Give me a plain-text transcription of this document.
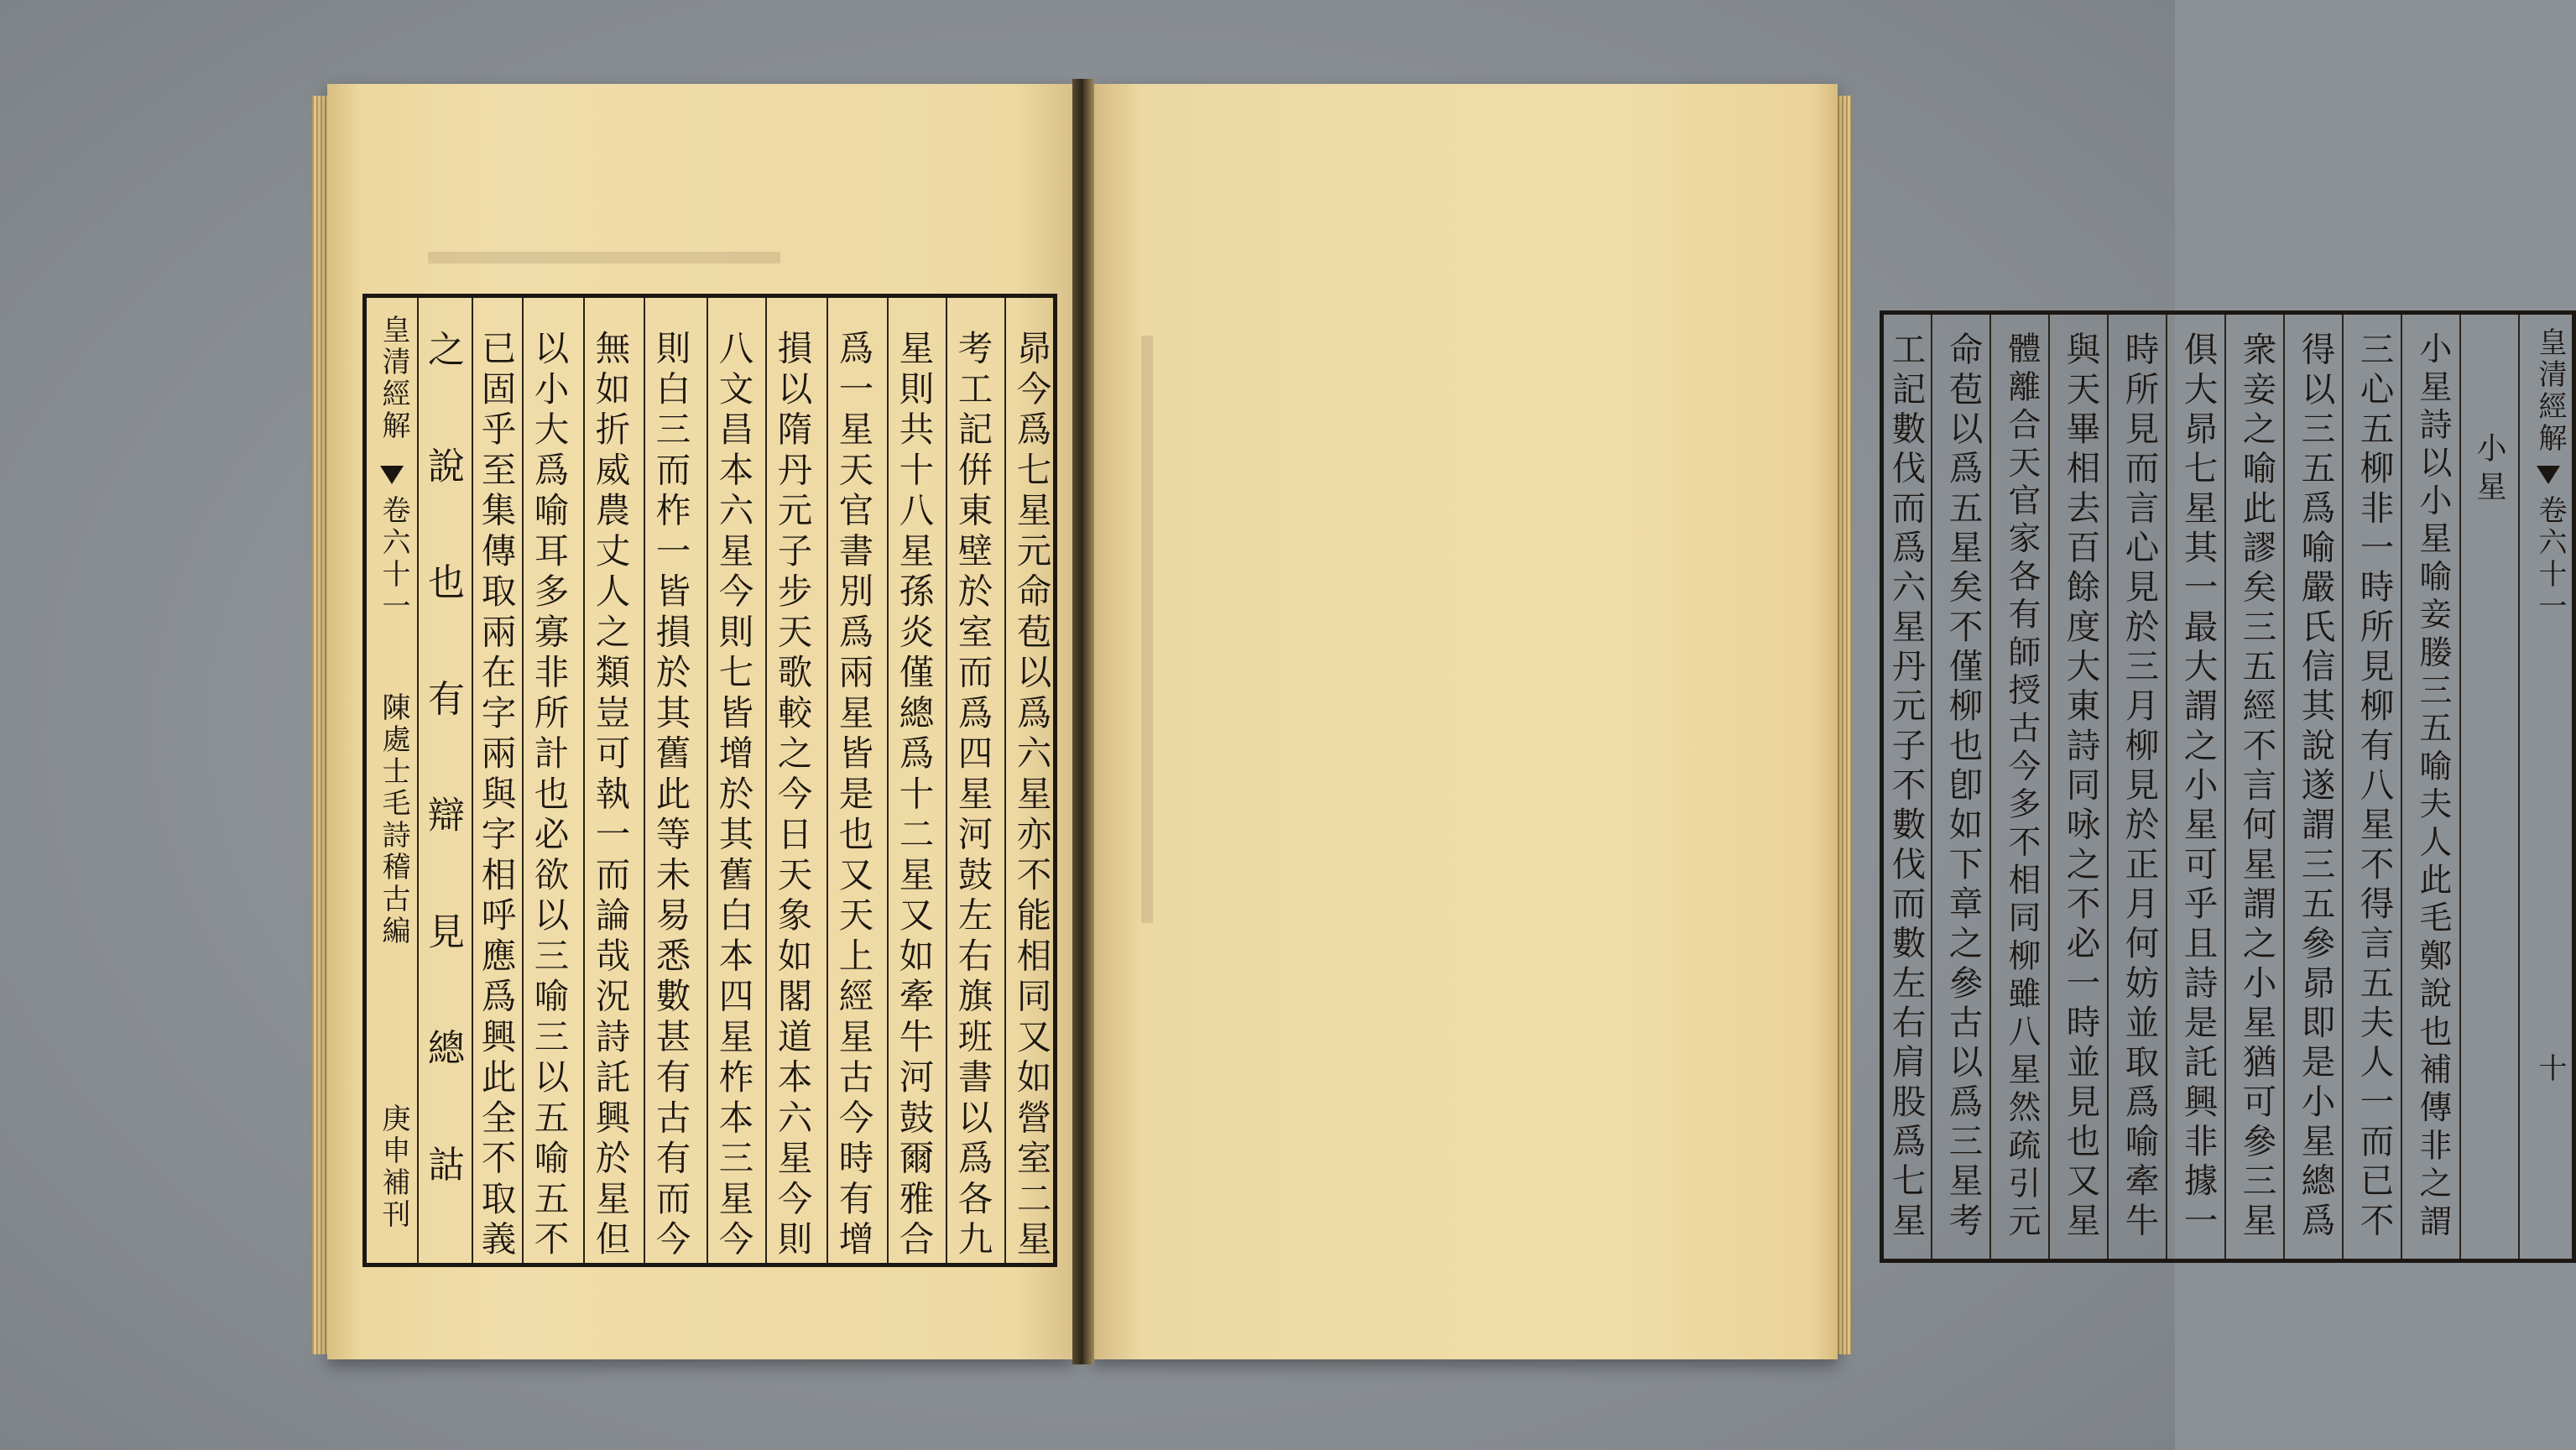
皇清經解
卷六十一
陳處士毛詩稽古編
庚申補刊	昴今爲七星元命苞以爲六星亦不能相同又如營室二星
考工記倂東壁於室而爲四星河鼓左右旗班書以爲各九
星則共十八星孫炎僅總爲十二星又如牽牛河鼓爾雅合
爲一星天官書別爲兩星皆是也又天上經星古今時有增
損以隋丹元子步天歌較之今日天象如閣道本六星今則
八文昌本六星今則七皆增於其舊白本四星柞本三星今
則白三而柞一皆損於其舊此等未易悉數甚有古有而今
無如折威農丈人之類豈可執一而論哉況詩託興於星但
以小大爲喻耳多寡非所計也必欲以三喻三以五喻五不
已固乎至集傳取兩在字兩與字相呼應爲興此全不取義
之說也有辯見總詁	皇清經解
卷六十一
十
小星
小星詩以小星喻妾媵三五喻夫人此毛鄭說也補傳非之謂
三心五柳非一時所見柳有八星不得言五夫人一而已不
得以三五爲喻嚴氏信其說遂謂三五參昴即是小星總爲
衆妾之喻此謬矣三五經不言何星謂之小星猶可參三星
俱大昴七星其一最大謂之小星可乎且詩是託興非據一
時所見而言心見於三月柳見於正月何妨並取爲喻牽牛
與天畢相去百餘度大東詩同咏之不必一時並見也又星
體離合天官家各有師授古今多不相同柳雖八星然疏引元
命苞以爲五星矣不僅柳也卽如下章之參古以爲三星考
工記數伐而爲六星丹元子不數伐而數左右肩股爲七星
